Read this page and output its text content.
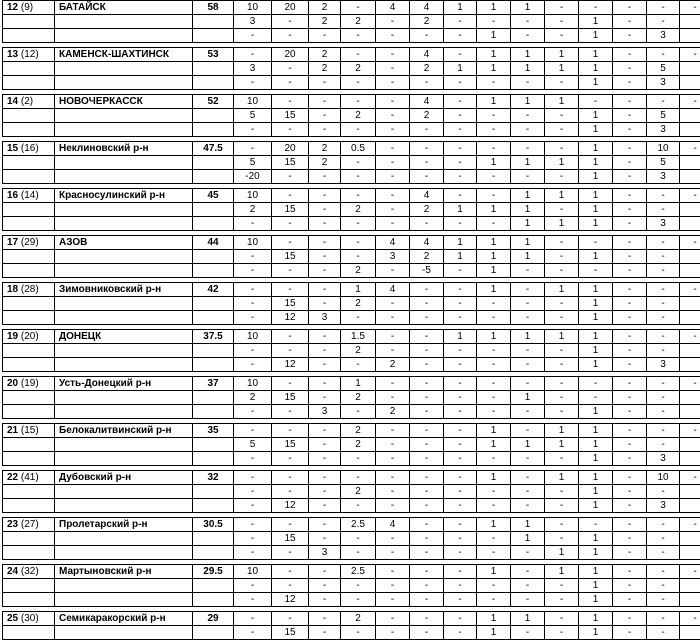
12 (9)	БАТАЙСК	58	10	20	2	-	4	4	1	1	1	-	-	-	-	-
			3	-	2	2	-	2	-	-	-	-	1	-	-	
			-	-	-	-	-	-	-	1	-	-	1	-	3	

13 (12)	КАМЕНСК-ШАХТИНСК	53	-	20	2	-	-	4	-	1	1	1	1	-	-	-
			3	-	2	2	-	2	1	1	1	1	1	-	5	
			-	-	-	-	-	-	-	-	-	-	1	-	3	

14 (2)	НОВОЧЕРКАССК	52	10	-	-	-	-	4	-	1	1	1	-	-	-	-
			5	15	-	2	-	2	-	-	-	-	1	-	5	
			-	-	-	-	-	-	-	-	-	-	1	-	3	

15 (16)	Неклиновский р-н	47.5	-	20	2	0.5	-	-	-	-	-	-	1	-	10	-
			5	15	2	-	-	-	-	1	1	1	1	-	5	
			-20	-	-	-	-	-	-	-	-	-	1	-	3	

16 (14)	Красносулинский р-н	45	10	-	-	-	-	4	-	-	1	1	1	-	-	-
			2	15	-	2	-	2	1	1	1	-	1	-	-	
			-	-	-	-	-	-	-	-	1	1	1	-	3	

17 (29)	АЗОВ	44	10	-	-	-	4	4	1	1	1	-	-	-	-	-
			-	15	-	-	3	2	1	1	1	-	1	-	-	
			-	-	-	2	-	-5	-	1	-	-	-	-	-	

18 (28)	Зимовниковский р-н	42	-	-	-	1	4	-	-	1	-	1	1	-	-	-
			-	15	-	2	-	-	-	-	-	-	1	-	-	
			-	12	3	-	-	-	-	-	-	-	1	-	-	

19 (20)	ДОНЕЦК	37.5	10	-	-	1.5	-	-	1	1	1	1	1	-	-	-
			-	-	-	2	-	-	-	-	-	-	1	-	-	
			-	12	-	-	2	-	-	-	-	-	1	-	3	

20 (19)	Усть-Донецкий р-н	37	10	-	-	1	-	-	-	-	-	-	-	-	-	-
			2	15	-	2	-	-	-	-	1	-	-	-	-	
			-	-	3	-	2	-	-	-	-	-	1	-	-	

21 (15)	Белокалитвинский р-н	35	-	-	-	2	-	-	-	1	-	1	1	-	-	-
			5	15	-	2	-	-	-	1	1	1	1	-	-	
			-	-	-	-	-	-	-	-	-	-	1	-	3	

22 (41)	Дубовский р-н	32	-	-	-	-	-	-	-	1	-	1	1	-	10	-
			-	-	-	2	-	-	-	-	-	-	1	-	-	
			-	12	-	-	-	-	-	-	-	-	1	-	3	

23 (27)	Пролетарский р-н	30.5	-	-	-	2.5	4	-	-	1	1	-	-	-	-	-
			-	15	-	-	-	-	-	-	1	-	1	-	-	
			-	-	3	-	-	-	-	-	-	1	1	-	-	

24 (32)	Мартыновский р-н	29.5	10	-	-	2.5	-	-	-	1	-	1	1	-	-	-
			-	-	-	-	-	-	-	-	-	-	1	-	-	
			-	12	-	-	-	-	-	-	-	-	1	-	-	

25 (30)	Семикаракорский р-н	29	-	-	-	2	-	-	-	1	1	-	1	-	-	-
			-	15	-	-	-	-	-	1	-	-	1	-	-	
